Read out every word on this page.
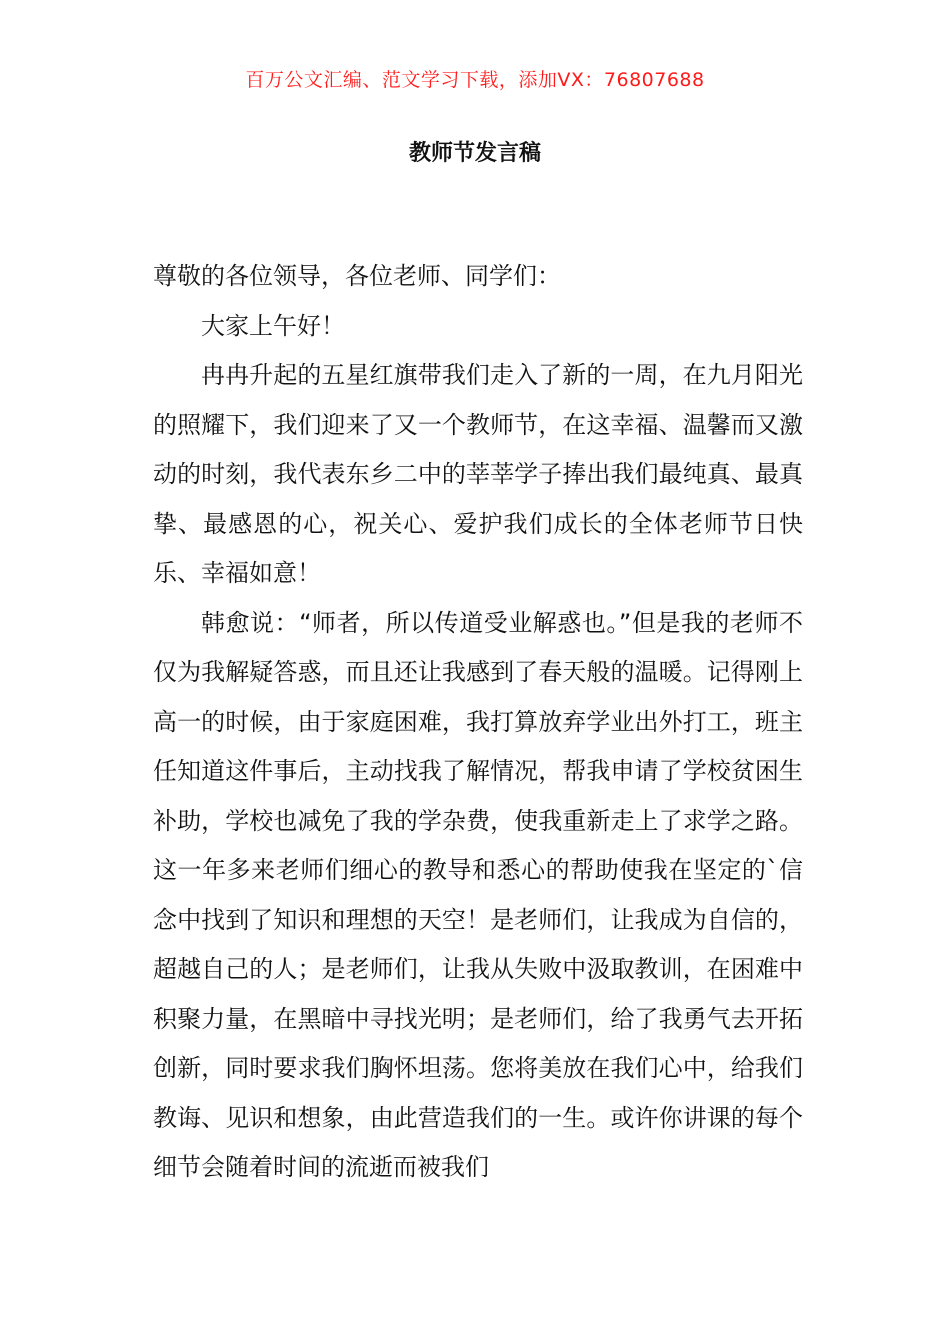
百万公文汇编、范文学习下载，添加VX：76807688
教师节发言稿

尊敬的各位领导，各位老师、同学们：

大家上午好！

冉冉升起的五星红旗带我们走入了新的一周，在九月阳光的照耀下，我们迎来了又一个教师节，在这幸福、温馨而又激动的时刻，我代表东乡二中的莘莘学子捧出我们最纯真、最真挚、最感恩的心，祝关心、爱护我们成长的全体老师节日快乐、幸福如意！

韩愈说：“师者，所以传道受业解惑也。”但是我的老师不仅为我解疑答惑，而且还让我感到了春天般的温暖。记得刚上高一的时候，由于家庭困难，我打算放弃学业出外打工，班主任知道这件事后，主动找我了解情况，帮我申请了学校贫困生补助，学校也减免了我的学杂费，使我重新走上了求学之路。这一年多来老师们细心的教导和悉心的帮助使我在坚定的`信念中找到了知识和理想的天空！是老师们，让我成为自信的，超越自己的人；是老师们，让我从失败中汲取教训，在困难中积聚力量，在黑暗中寻找光明；是老师们，给了我勇气去开拓创新，同时要求我们胸怀坦荡。您将美放在我们心中，给我们教诲、见识和想象，由此营造我们的一生。或许你讲课的每个细节会随着时间的流逝而被我们
